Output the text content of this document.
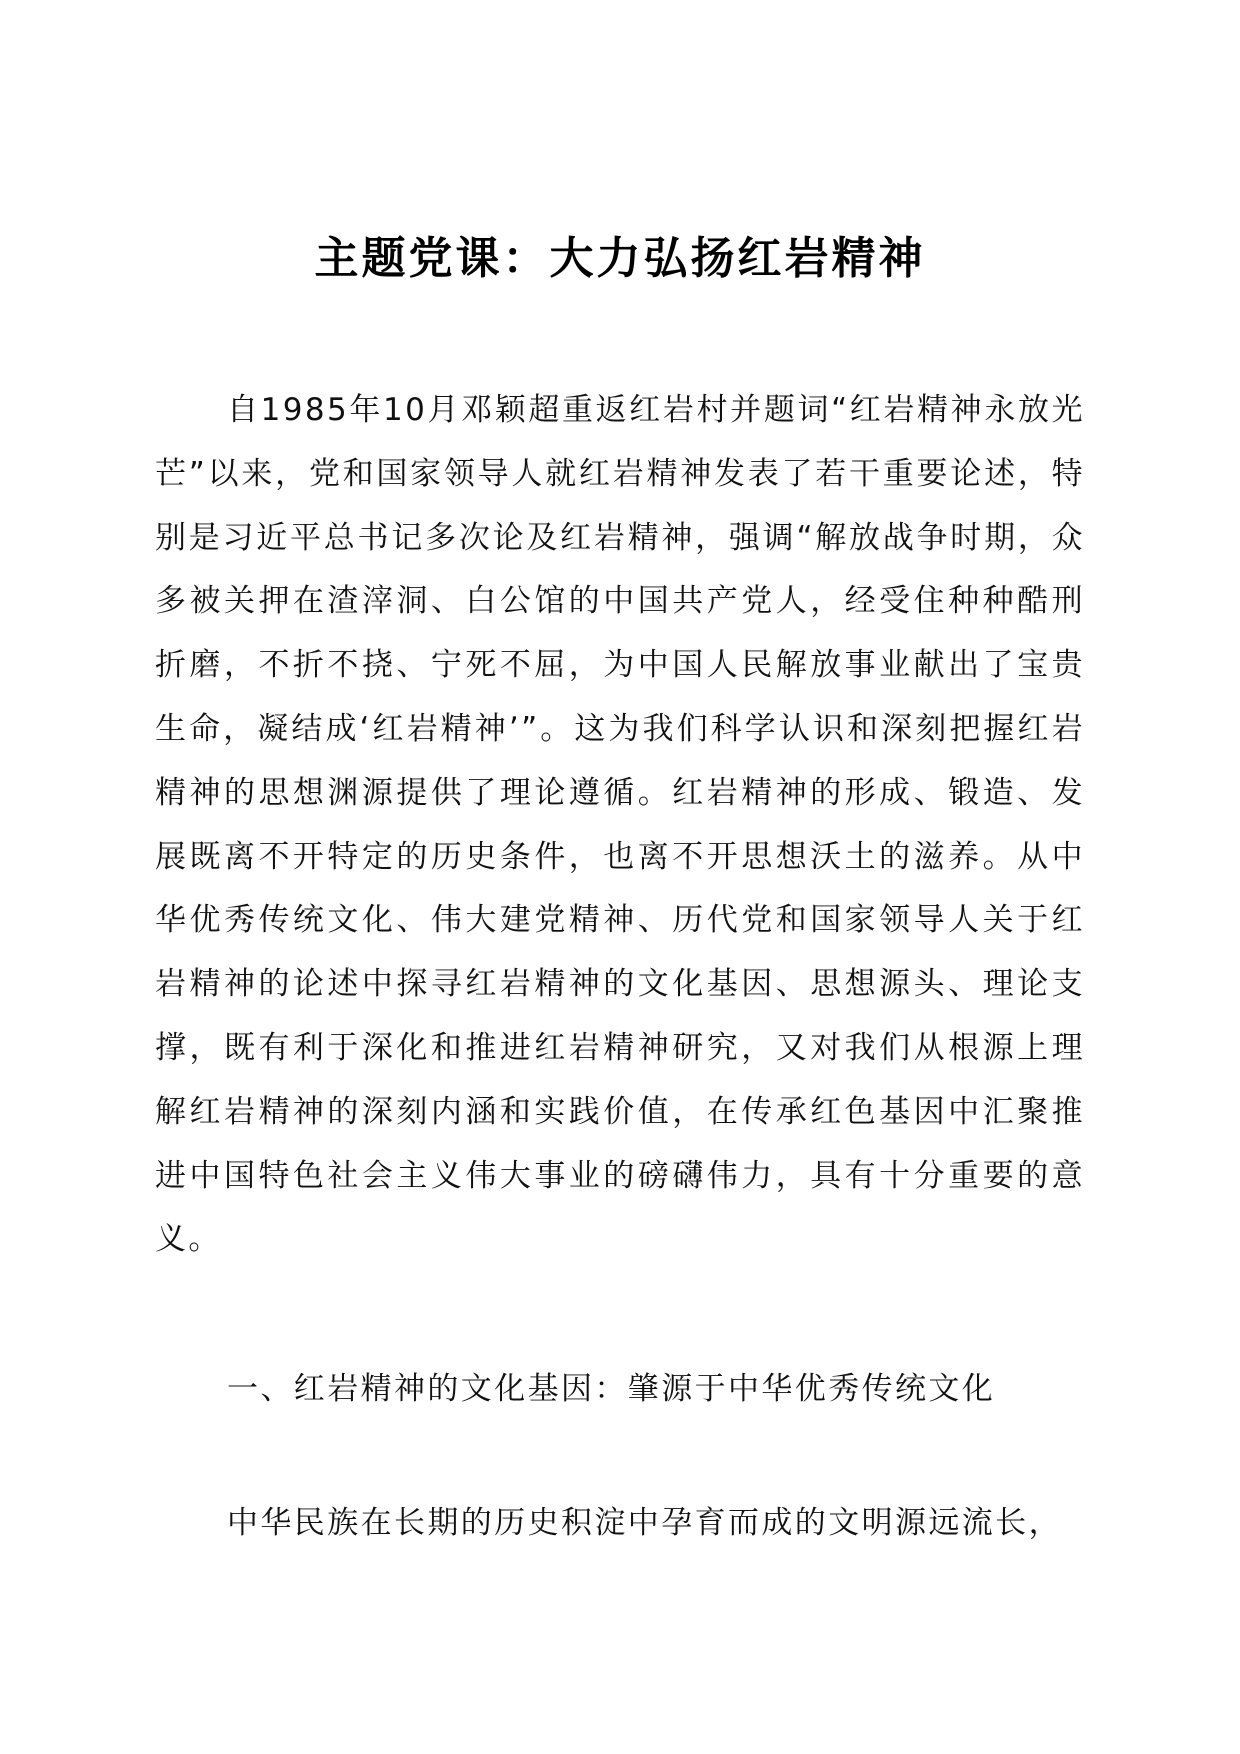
主题党课：大力弘扬红岩精神

自1985年10月邓颖超重返红岩村并题词“红岩精神永放光芒”以来，党和国家领导人就红岩精神发表了若干重要论述，特别是习近平总书记多次论及红岩精神，强调“解放战争时期，众多被关押在渣滓洞、白公馆的中国共产党人，经受住种种酷刑折磨，不折不挠、宁死不屈，为中国人民解放事业献出了宝贵生命，凝结成‘红岩精神’”。这为我们科学认识和深刻把握红岩精神的思想渊源提供了理论遵循。红岩精神的形成、锻造、发展既离不开特定的历史条件，也离不开思想沃土的滋养。从中华优秀传统文化、伟大建党精神、历代党和国家领导人关于红岩精神的论述中探寻红岩精神的文化基因、思想源头、理论支撑，既有利于深化和推进红岩精神研究，又对我们从根源上理解红岩精神的深刻内涵和实践价值，在传承红色基因中汇聚推进中国特色社会主义伟大事业的磅礴伟力，具有十分重要的意义。

一、红岩精神的文化基因：肇源于中华优秀传统文化

中华民族在长期的历史积淀中孕育而成的文明源远流长，
